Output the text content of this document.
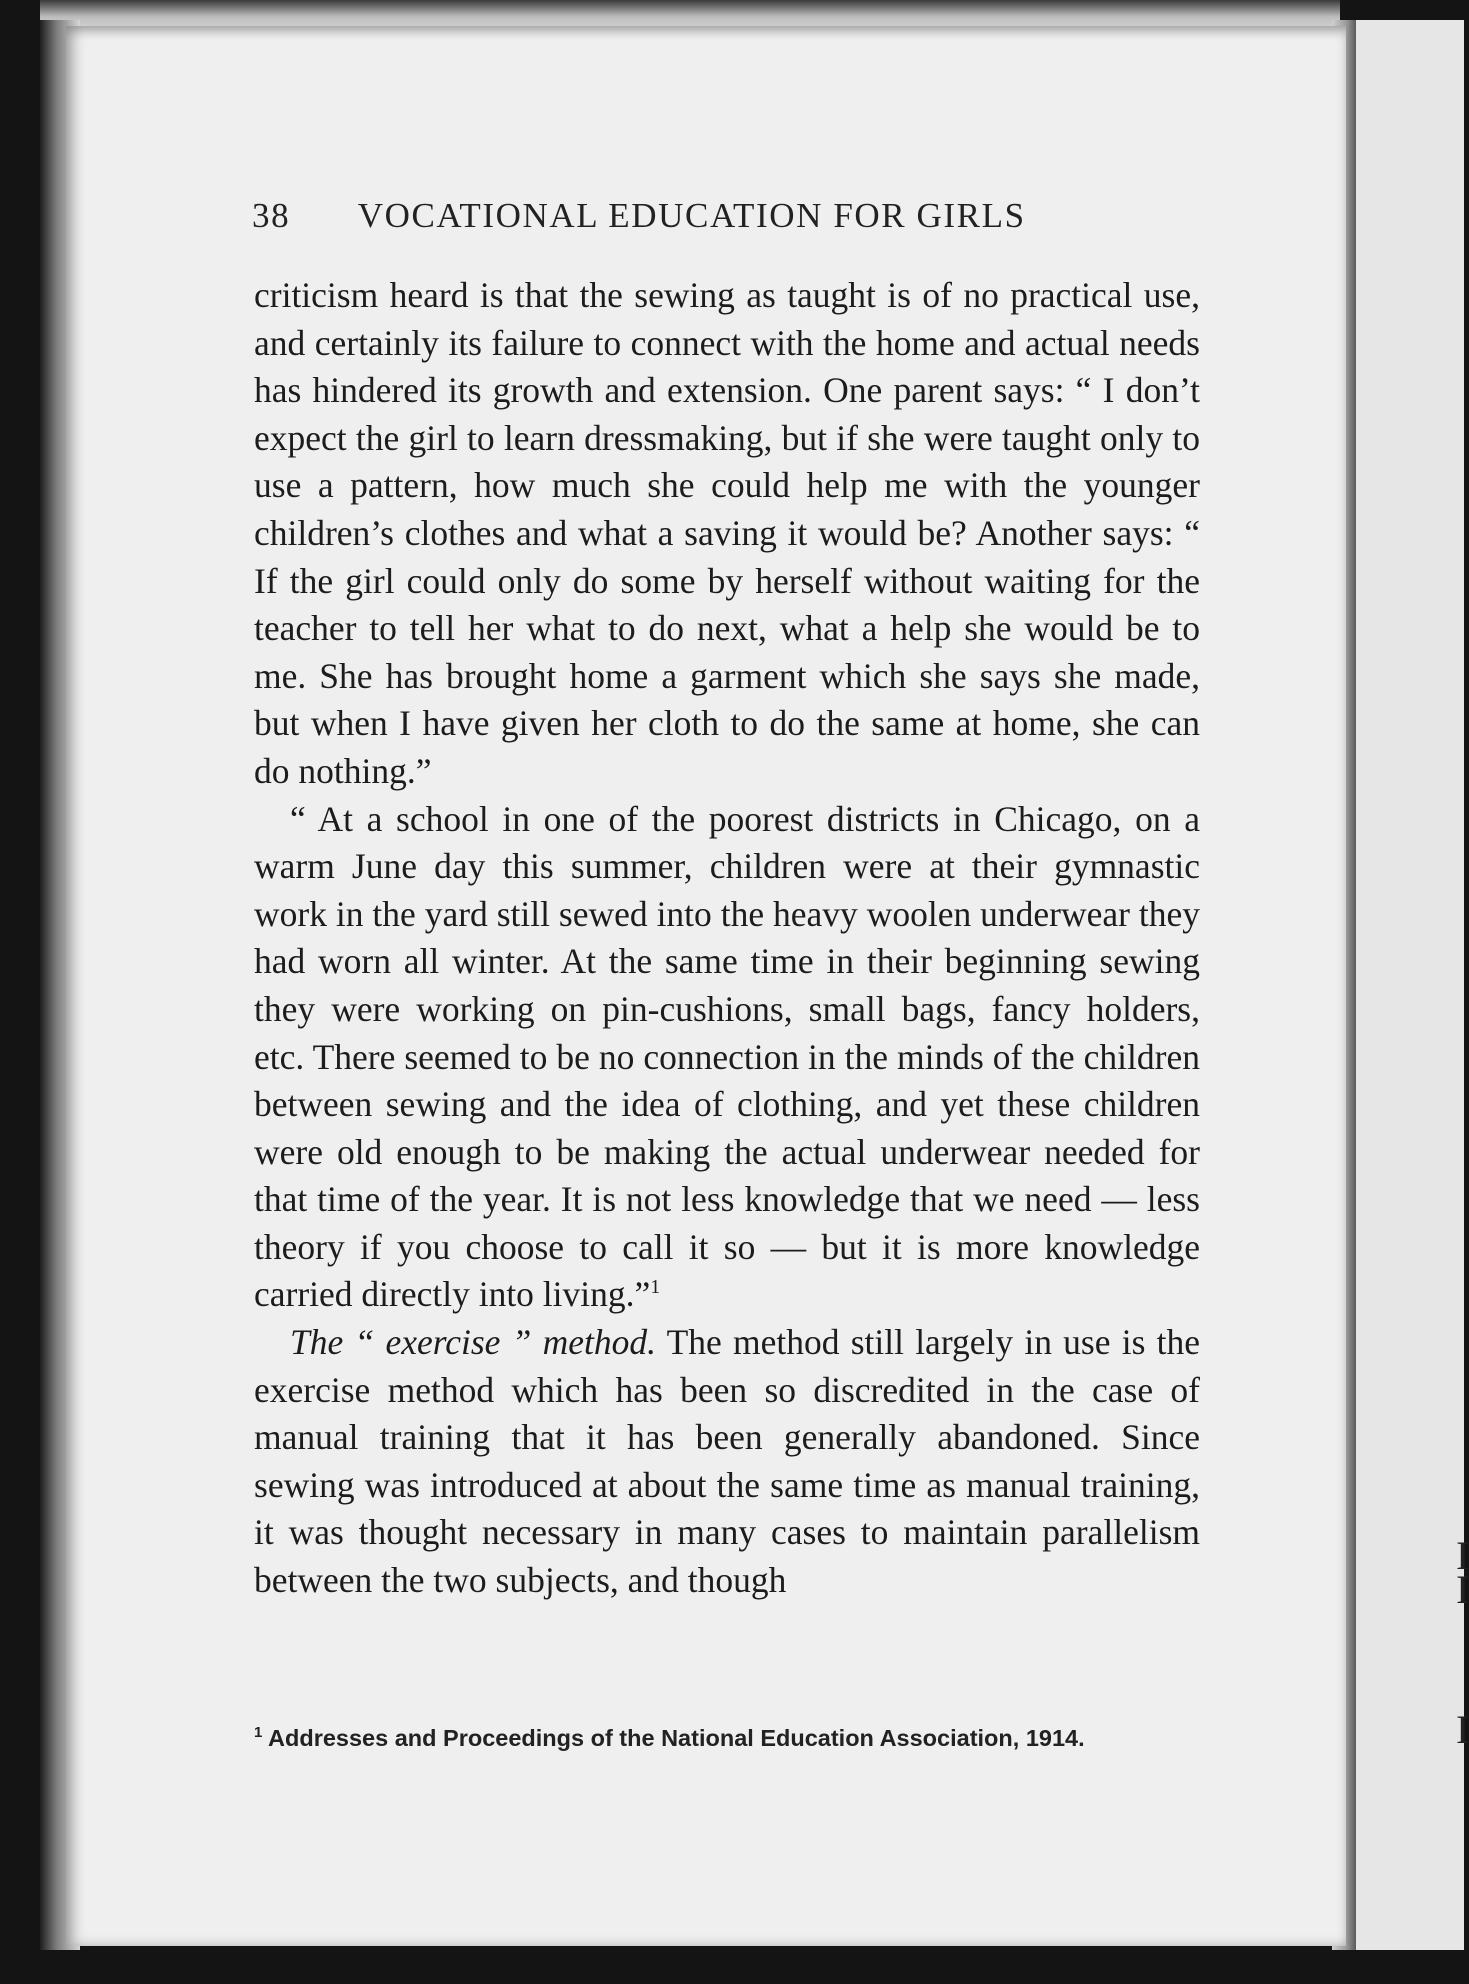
I
I
I
38 VOCATIONAL EDUCATION FOR GIRLS

criticism heard is that the sewing as taught is of no practical use, and certainly its failure to connect with the home and actual needs has hindered its growth and extension. One parent says: “ I don’t expect the girl to learn dressmaking, but if she were taught only to use a pattern, how much she could help me with the younger children’s clothes and what a saving it would be? Another says: “ If the girl could only do some by herself without waiting for the teacher to tell her what to do next, what a help she would be to me. She has brought home a garment which she says she made, but when I have given her cloth to do the same at home, she can do nothing.”

“ At a school in one of the poorest districts in Chicago, on a warm June day this summer, children were at their gymnastic work in the yard still sewed into the heavy woolen underwear they had worn all winter. At the same time in their beginning sewing they were working on pin-cushions, small bags, fancy holders, etc. There seemed to be no connection in the minds of the children between sewing and the idea of clothing, and yet these children were old enough to be making the actual underwear needed for that time of the year. It is not less knowledge that we need — less theory if you choose to call it so — but it is more knowledge carried directly into living.”$^1$

The “ exercise ” method. The method still largely in use is the exercise method which has been so discredited in the case of manual training that it has been generally abandoned. Since sewing was introduced at about the same time as manual training, it was thought necessary in many cases to maintain parallelism between the two subjects, and though

$^1$ Addresses and Proceedings of the National Education Association, 1914.
